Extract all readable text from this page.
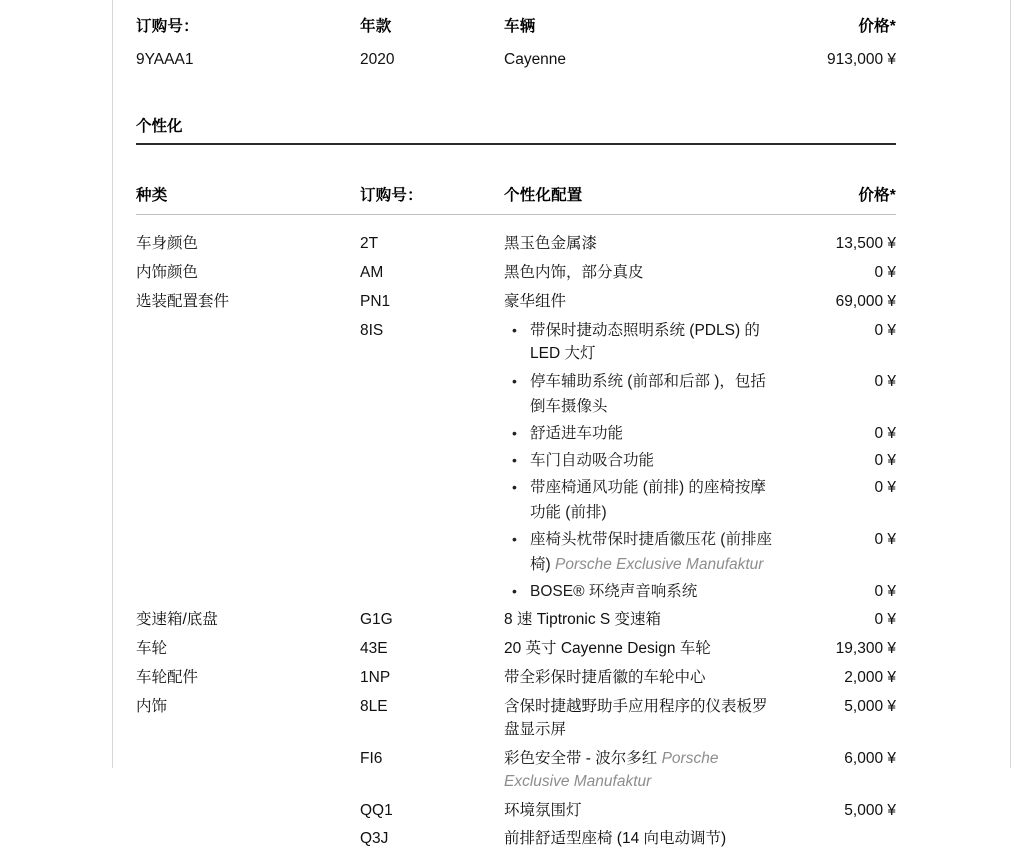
订购号：	年款	车辆	价格*
9YAAA1	2020	Cayenne	913,000 ¥

个性化			

种类	订购号：	个性化配置	价格*

车身颜色	2T	黑玉色金属漆	13,500 ¥
内饰颜色	AM	黑色内饰，部分真皮	0 ¥
选装配置套件	PN1	豪华组件	69,000 ¥
	8IS	• 带保时捷动态照明系统 (PDLS) 的 LED 大灯	0 ¥

		• 停车辅助系统 (前部和后部 )，包括倒车摄像头	0 ¥

		• 舒适进车功能	0 ¥

		• 车门自动吸合功能	0 ¥

		• 带座椅通风功能 (前排) 的座椅按摩功能 (前排)	0 ¥

		• 座椅头枕带保时捷盾徽压花 (前排座椅) Porsche Exclusive Manufaktur	0 ¥

		• BOSE® 环绕声音响系统	0 ¥
变速箱/底盘	G1G	8 速 Tiptronic S 变速箱	0 ¥
车轮	43E	20 英寸 Cayenne Design 车轮	19,300 ¥
车轮配件	1NP	带全彩保时捷盾徽的车轮中心	2,000 ¥
内饰	8LE	含保时捷越野助手应用程序的仪表板罗盘显示屏	5,000 ¥
	FI6	彩色安全带 - 波尔多红 Porsche Exclusive Manufaktur	6,000 ¥
	QQ1	环境氛围灯	5,000 ¥
	Q3J	前排舒适型座椅 (14 向电动调节)	
